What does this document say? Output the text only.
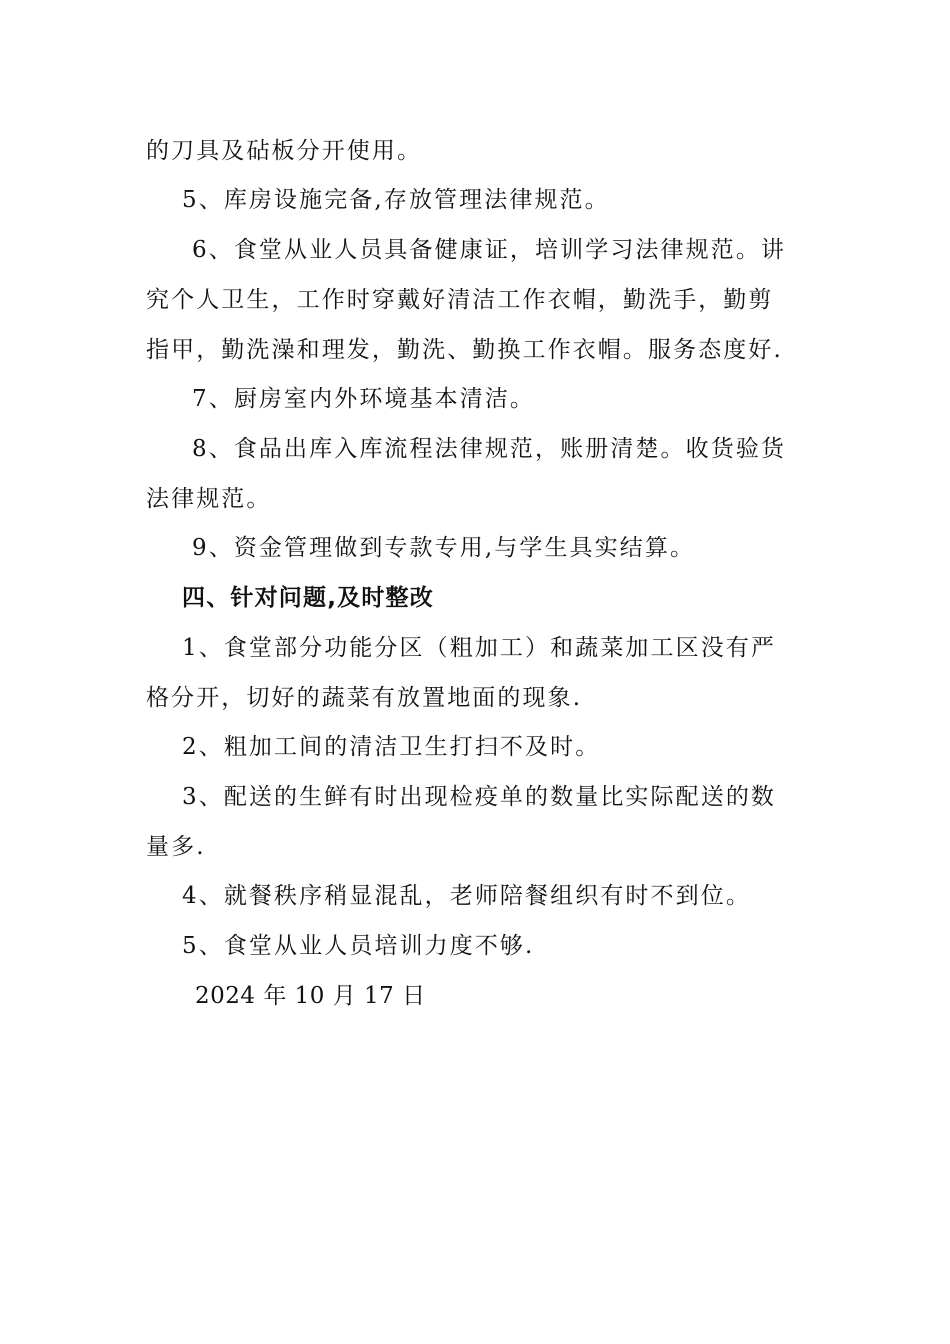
的刀具及砧板分开使用。
5、库房设施完备,存放管理法律规范。
6、食堂从业人员具备健康证，培训学习法律规范。讲
究个人卫生，工作时穿戴好清洁工作衣帽，勤洗手，勤剪
指甲，勤洗澡和理发，勤洗、勤换工作衣帽。服务态度好.
7、厨房室内外环境基本清洁。
8、食品出库入库流程法律规范，账册清楚。收货验货
法律规范。
9、资金管理做到专款专用,与学生具实结算。
四、针对问题,及时整改
1、食堂部分功能分区（粗加工）和蔬菜加工区没有严
格分开，切好的蔬菜有放置地面的现象.
2、粗加工间的清洁卫生打扫不及时。
3、配送的生鲜有时出现检疫单的数量比实际配送的数
量多.
4、就餐秩序稍显混乱，老师陪餐组织有时不到位。
5、食堂从业人员培训力度不够.
2024 年 10 月 17 日
